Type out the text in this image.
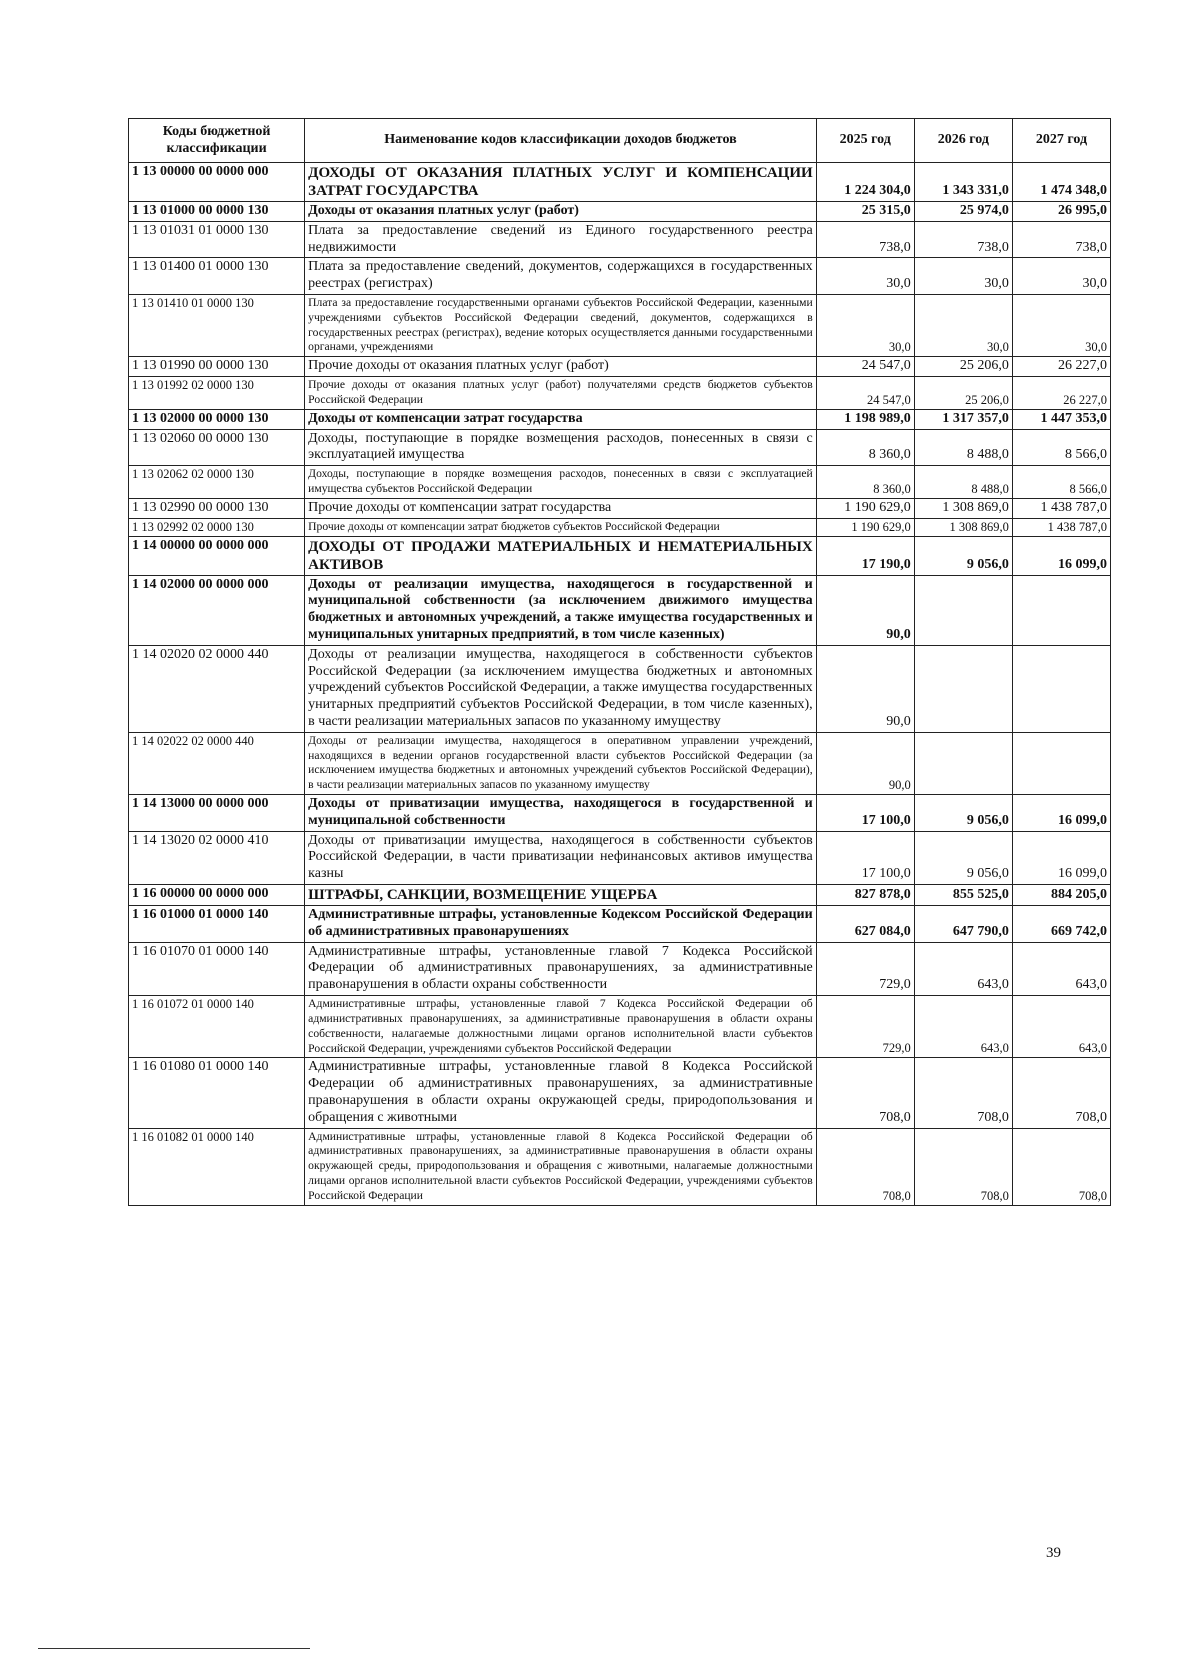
Коды бюджетной классификации	Наименование кодов классификации доходов бюджетов	2025 год	2026 год	2027 год
1 13 00000 00 0000 000	ДОХОДЫ ОТ ОКАЗАНИЯ ПЛАТНЫХ УСЛУГ И КОМПЕНСАЦИИ ЗАТРАТ ГОСУДАРСТВА	1 224 304,0	1 343 331,0	1 474 348,0
1 13 01000 00 0000 130	Доходы от оказания платных услуг (работ)	25 315,0	25 974,0	26 995,0
1 13 01031 01 0000 130	Плата за предоставление сведений из Единого государственного реестра недвижимости	738,0	738,0	738,0
1 13 01400 01 0000 130	Плата за предоставление сведений, документов, содержащихся в государственных реестрах (регистрах)	30,0	30,0	30,0
1 13 01410 01 0000 130	Плата за предоставление государственными органами субъектов Российской Федерации, казенными учреждениями субъектов Российской Федерации сведений, документов, содержащихся в государственных реестрах (регистрах), ведение которых осуществляется данными государственными органами, учреждениями	30,0	30,0	30,0
1 13 01990 00 0000 130	Прочие доходы от оказания платных услуг (работ)	24 547,0	25 206,0	26 227,0
1 13 01992 02 0000 130	Прочие доходы от оказания платных услуг (работ) получателями средств бюджетов субъектов Российской Федерации	24 547,0	25 206,0	26 227,0
1 13 02000 00 0000 130	Доходы от компенсации затрат государства	1 198 989,0	1 317 357,0	1 447 353,0
1 13 02060 00 0000 130	Доходы, поступающие в порядке возмещения расходов, понесенных в связи с эксплуатацией имущества	8 360,0	8 488,0	8 566,0
1 13 02062 02 0000 130	Доходы, поступающие в порядке возмещения расходов, понесенных в связи с эксплуатацией имущества субъектов Российской Федерации	8 360,0	8 488,0	8 566,0
1 13 02990 00 0000 130	Прочие доходы от компенсации затрат государства	1 190 629,0	1 308 869,0	1 438 787,0
1 13 02992 02 0000 130	Прочие доходы от компенсации затрат бюджетов субъектов Российской Федерации	1 190 629,0	1 308 869,0	1 438 787,0
1 14 00000 00 0000 000	ДОХОДЫ ОТ ПРОДАЖИ МАТЕРИАЛЬНЫХ И НЕМАТЕРИАЛЬНЫХ АКТИВОВ	17 190,0	9 056,0	16 099,0
1 14 02000 00 0000 000	Доходы от реализации имущества, находящегося в государственной и муниципальной собственности (за исключением движимого имущества бюджетных и автономных учреждений, а также имущества государственных и муниципальных унитарных предприятий, в том числе казенных)	90,0		
1 14 02020 02 0000 440	Доходы от реализации имущества, находящегося в собственности субъектов Российской Федерации (за исключением имущества бюджетных и автономных учреждений субъектов Российской Федерации, а также имущества государственных унитарных предприятий субъектов Российской Федерации, в том числе казенных), в части реализации материальных запасов по указанному имуществу	90,0		
1 14 02022 02 0000 440	Доходы от реализации имущества, находящегося в оперативном управлении учреждений, находящихся в ведении органов государственной власти субъектов Российской Федерации (за исключением имущества бюджетных и автономных учреждений субъектов Российской Федерации), в части реализации материальных запасов по указанному имуществу	90,0		
1 14 13000 00 0000 000	Доходы от приватизации имущества, находящегося в государственной и муниципальной собственности	17 100,0	9 056,0	16 099,0
1 14 13020 02 0000 410	Доходы от приватизации имущества, находящегося в собственности субъектов Российской Федерации, в части приватизации нефинансовых активов имущества казны	17 100,0	9 056,0	16 099,0
1 16 00000 00 0000 000	ШТРАФЫ, САНКЦИИ, ВОЗМЕЩЕНИЕ УЩЕРБА	827 878,0	855 525,0	884 205,0
1 16 01000 01 0000 140	Административные штрафы, установленные Кодексом Российской Федерации об административных правонарушениях	627 084,0	647 790,0	669 742,0
1 16 01070 01 0000 140	Административные штрафы, установленные главой 7 Кодекса Российской Федерации об административных правонарушениях, за административные правонарушения в области охраны собственности	729,0	643,0	643,0
1 16 01072 01 0000 140	Административные штрафы, установленные главой 7 Кодекса Российской Федерации об административных правонарушениях, за административные правонарушения в области охраны собственности, налагаемые должностными лицами органов исполнительной власти субъектов Российской Федерации, учреждениями субъектов Российской Федерации	729,0	643,0	643,0
1 16 01080 01 0000 140	Административные штрафы, установленные главой 8 Кодекса Российской Федерации об административных правонарушениях, за административные правонарушения в области охраны окружающей среды, природопользования и обращения с животными	708,0	708,0	708,0
1 16 01082 01 0000 140	Административные штрафы, установленные главой 8 Кодекса Российской Федерации об административных правонарушениях, за административные правонарушения в области охраны окружающей среды, природопользования и обращения с животными, налагаемые должностными лицами органов исполнительной власти субъектов Российской Федерации, учреждениями субъектов Российской Федерации	708,0	708,0	708,0
39
